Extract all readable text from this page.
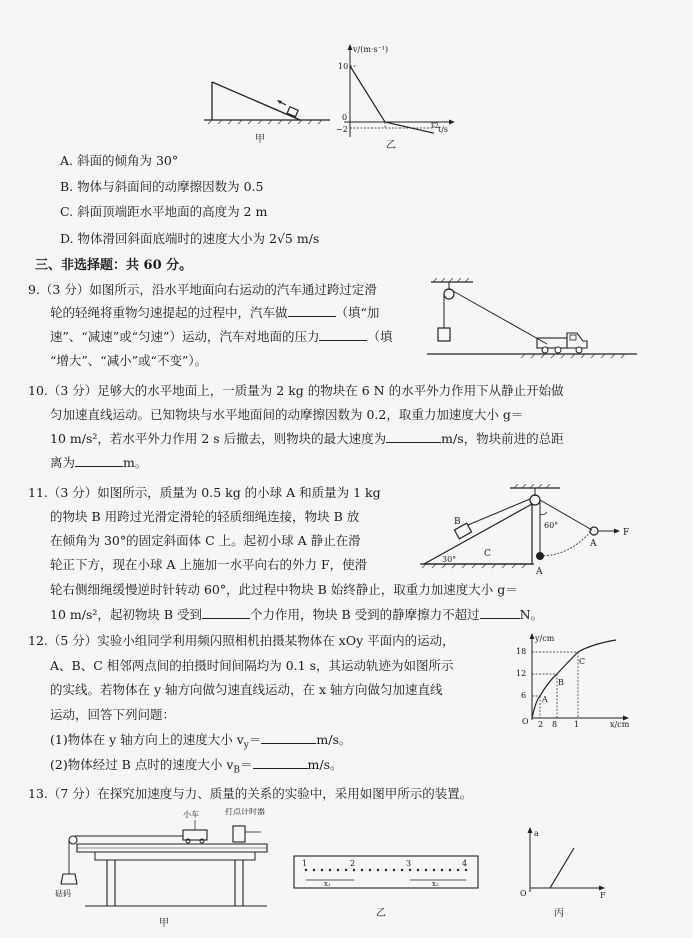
甲
v/(m·s⁻¹)
t/s
10
0
−2	12
乙
A. 斜面的倾角为 30°
B. 物体与斜面间的动摩擦因数为 0.5
C. 斜面顶端距水平地面的高度为 2 m
D. 物体滑回斜面底端时的速度大小为 2√5 m/s
三、非选择题：共 60 分。
9.（3 分）如图所示，沿水平地面向右运动的汽车通过跨过定滑
轮的轻绳将重物匀速提起的过程中，汽车做	（填“加
速”、“减速”或“匀速”）运动，汽车对地面的压力	（填
“增大”、“减小”或“不变”）。
10.（3 分）足够大的水平地面上，一质量为 2 kg 的物块在 6 N 的水平外力作用下从静止开始做
匀加速直线运动。已知物块与水平地面间的动摩擦因数为 0.2，取重力加速度大小 g＝
10 m/s²，若水平外力作用 2 s 后撤去，则物块的最大速度为	m/s，物块前进的总距
离为	m。
11.（3 分）如图所示，质量为 0.5 kg 的小球 A 和质量为 1 kg
的物块 B 用跨过光滑定滑轮的轻质细绳连接，物块 B 放
在倾角为 30°的固定斜面体 C 上。起初小球 A 静止在滑
轮正下方，现在小球 A 上施加一水平向右的外力 F，使滑
轮右侧细绳缓慢逆时针转动 60°，此过程中物块 B 始终静止，取重力加速度大小 g＝
10 m/s²，起初物块 B 受到	个力作用，物块 B 受到的静摩擦力不超过	N。
B
C
30°
60°
A
A
F
12.（5 分）实验小组同学利用频闪照相机拍摄某物体在 xOy 平面内的运动，
A、B、C 相邻两点间的拍摄时间间隔均为 0.1 s，其运动轨迹为如图所示
的实线。若物体在 y 轴方向做匀速直线运动，在 x 轴方向做匀加速直线
运动，回答下列问题：
(1)物体在 y 轴方向上的速度大小 $v_y=$	m/s。
(2)物体经过 B 点时的速度大小 $v_B=$	m/s。
y/cm
x/cm
18
12
6
O 2 8 1
A
B
C
13.（7 分）在探究加速度与力、质量的关系的实验中，采用如图甲所示的装置。
小车	打点计时器
砝码
甲
1	2	3	4
x₁	x₂
乙
a
F
O
丙
